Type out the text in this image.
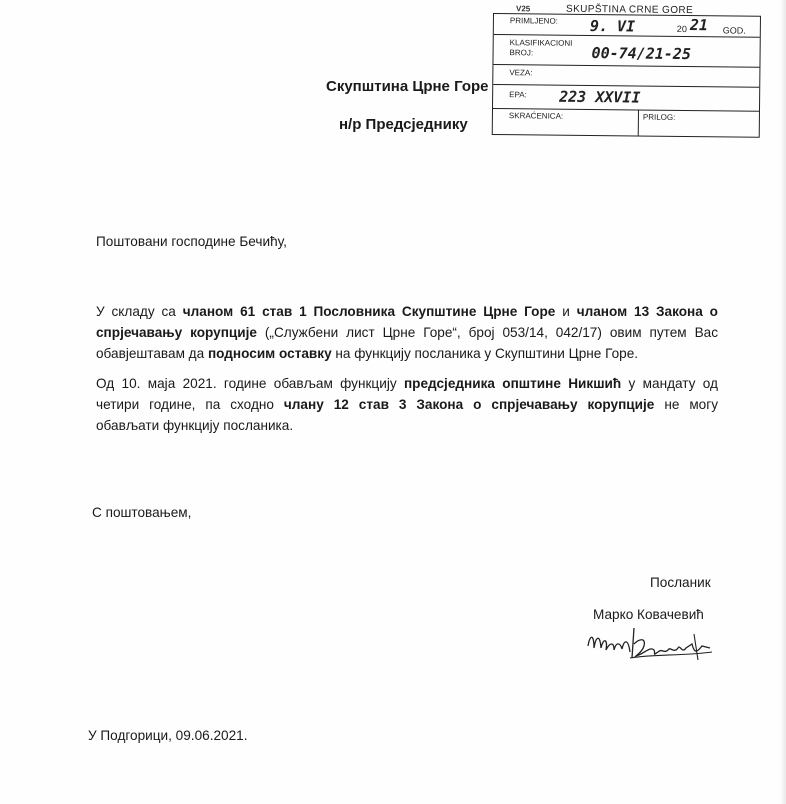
V25	SKUPŠTINA CRNE GORE
PRIMLJENO: 9. VI	20 21 GOD.
KLASIFIKACIONI
BROJ:	00-74/21-25
VEZA:
EPA: 223 XXVII
SKRAĆENICA:	PRILOG:
Скупштина Црне Горе
н/р Предсједнику
Поштовани господине Бечићу,
У складу са чланом 61 став 1 Пословника Скупштине Црне Горе и чланом 13 Закона о
спрјечавању корупције („Службени лист Црне Горе“, број 053/14, 042/17) овим путем Вас
обавјештавам да подносим оставку на функцију посланика у Скупштини Црне Горе.
Од 10. маја 2021. године обављам функцију предсједника општине Никшић у мандату од
четири године, па сходно члану 12 став 3 Закона о спрјечавању корупције не могу
обављати функцију посланика.
С поштовањем,
Посланик
Марко Ковачевић
У Подгорици, 09.06.2021.
